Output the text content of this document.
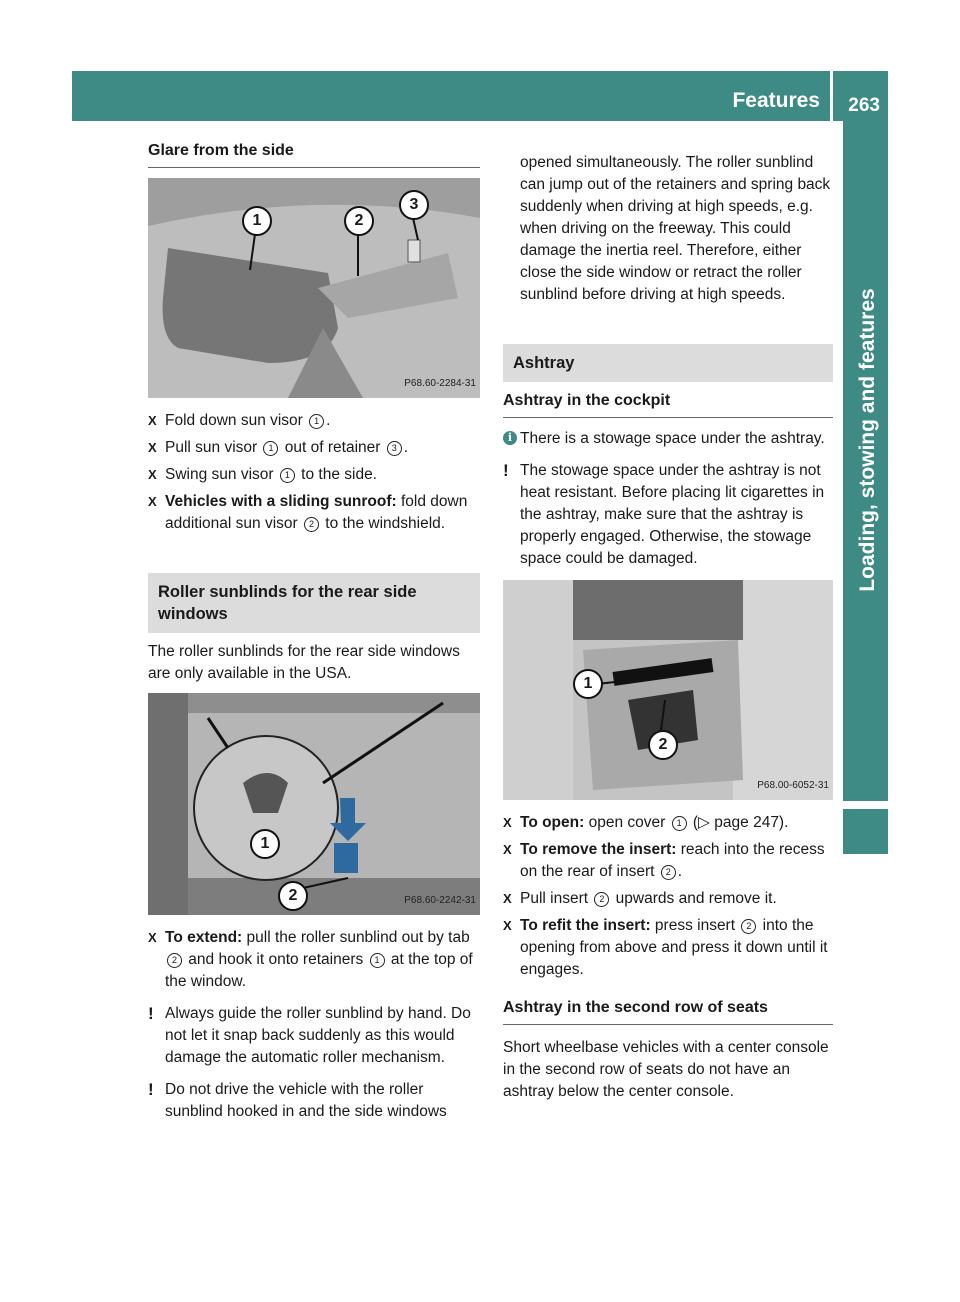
Features 263
Loading, stowing and features
Glare from the side
1	2
3
P68.60-2284-31
X Fold down sun visor 1 .
X Pull sun visor 1 out of retainer 3 .
X Swing sun visor 1 to the side.
X Vehicles with a sliding sunroof: fold down additional sun visor 2 to the windshield.
Roller sunblinds for the rear side windows
The roller sunblinds for the rear side windows are only available in the USA.
1
2	P68.60-2242-31
X To extend: pull the roller sunblind out by tab 2 and hook it onto retainers 1 at the top of the window.
! Always guide the roller sunblind by hand. Do not let it snap back suddenly as this would damage the automatic roller mechanism.
! Do not drive the vehicle with the roller sunblind hooked in and the side windows
opened simultaneously. The roller sunblind can jump out of the retainers and spring back suddenly when driving at high speeds, e.g. when driving on the freeway. This could damage the inertia reel. Therefore, either close the side window or retract the roller sunblind before driving at high speeds.
Ashtray
Ashtray in the cockpit
i There is a stowage space under the ashtray.
! The stowage space under the ashtray is not heat resistant. Before placing lit cigarettes in the ashtray, make sure that the ashtray is properly engaged. Otherwise, the stowage space could be damaged.
1
2
P68.00-6052-31
X To open: open cover 1 (▷ page 247).
X To remove the insert: reach into the recess on the rear of insert 2 .
X Pull insert 2 upwards and remove it.
X To refit the insert: press insert 2 into the opening from above and press it down until it engages.
Ashtray in the second row of seats
Short wheelbase vehicles with a center console in the second row of seats do not have an ashtray below the center console.
